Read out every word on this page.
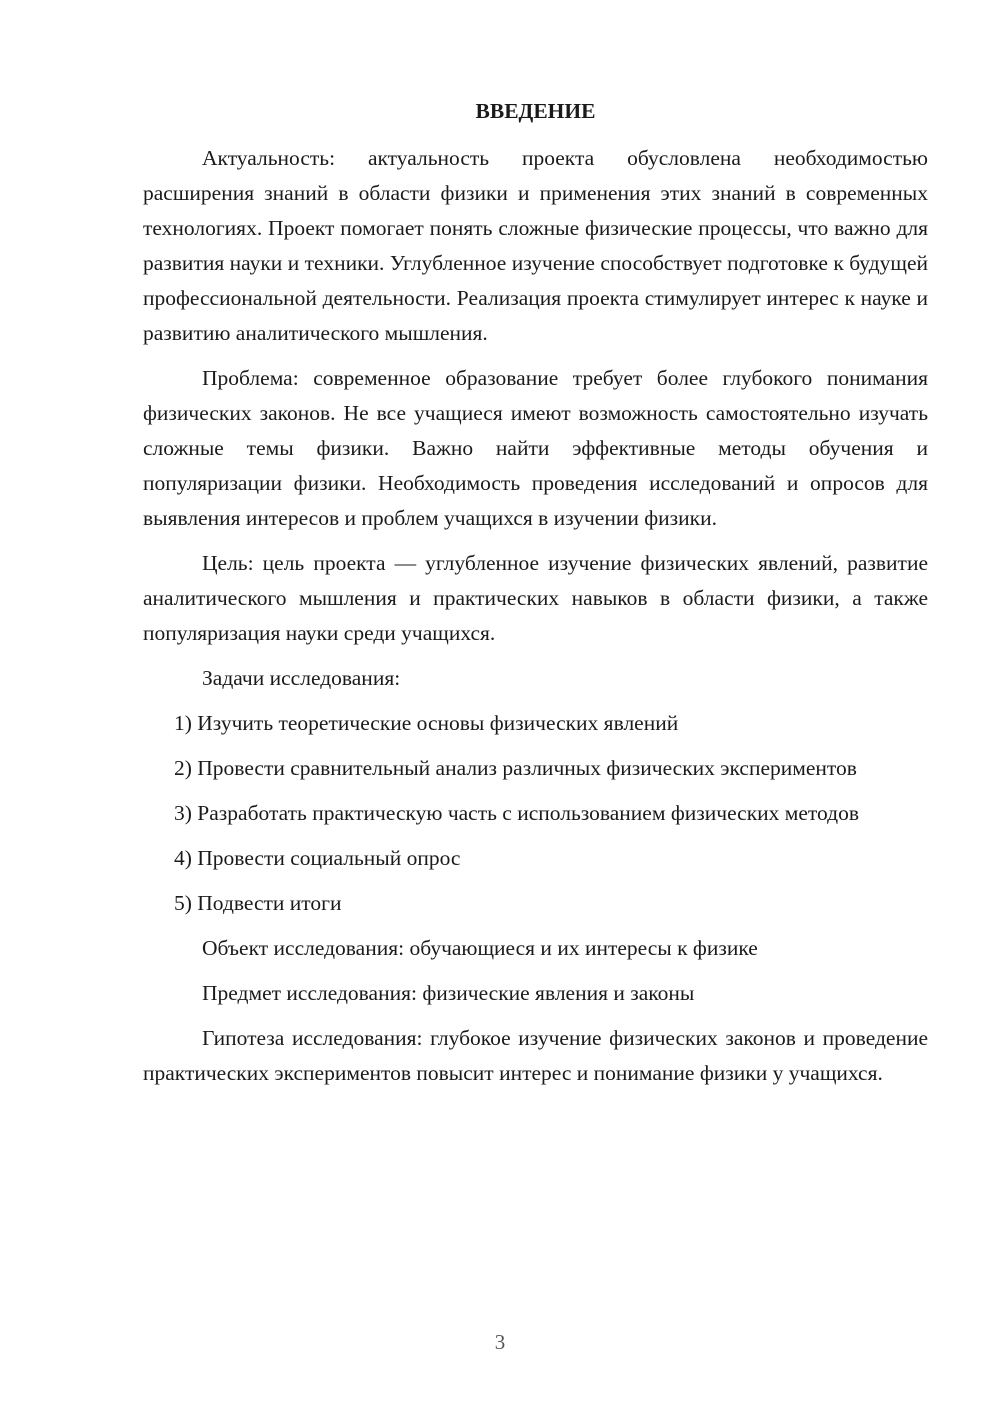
ВВЕДЕНИЕ

Актуальность: актуальность проекта обусловлена необходимостью расширения знаний в области физики и применения этих знаний в современных технологиях. Проект помогает понять сложные физические процессы, что важно для развития науки и техники. Углубленное изучение способствует подготовке к будущей профессиональной деятельности. Реализация проекта стимулирует интерес к науке и развитию аналитического мышления.

Проблема: современное образование требует более глубокого понимания физических законов. Не все учащиеся имеют возможность самостоятельно изучать сложные темы физики. Важно найти эффективные методы обучения и популяризации физики. Необходимость проведения исследований и опросов для выявления интересов и проблем учащихся в изучении физики.

Цель: цель проекта — углубленное изучение физических явлений, развитие аналитического мышления и практических навыков в области физики, а также популяризация науки среди учащихся.

Задачи исследования:

1) Изучить теоретические основы физических явлений

2) Провести сравнительный анализ различных физических экспериментов

3) Разработать практическую часть с использованием физических методов

4) Провести социальный опрос

5) Подвести итоги

Объект исследования: обучающиеся и их интересы к физике

Предмет исследования: физические явления и законы

Гипотеза исследования: глубокое изучение физических законов и проведение практических экспериментов повысит интерес и понимание физики у учащихся.

3
